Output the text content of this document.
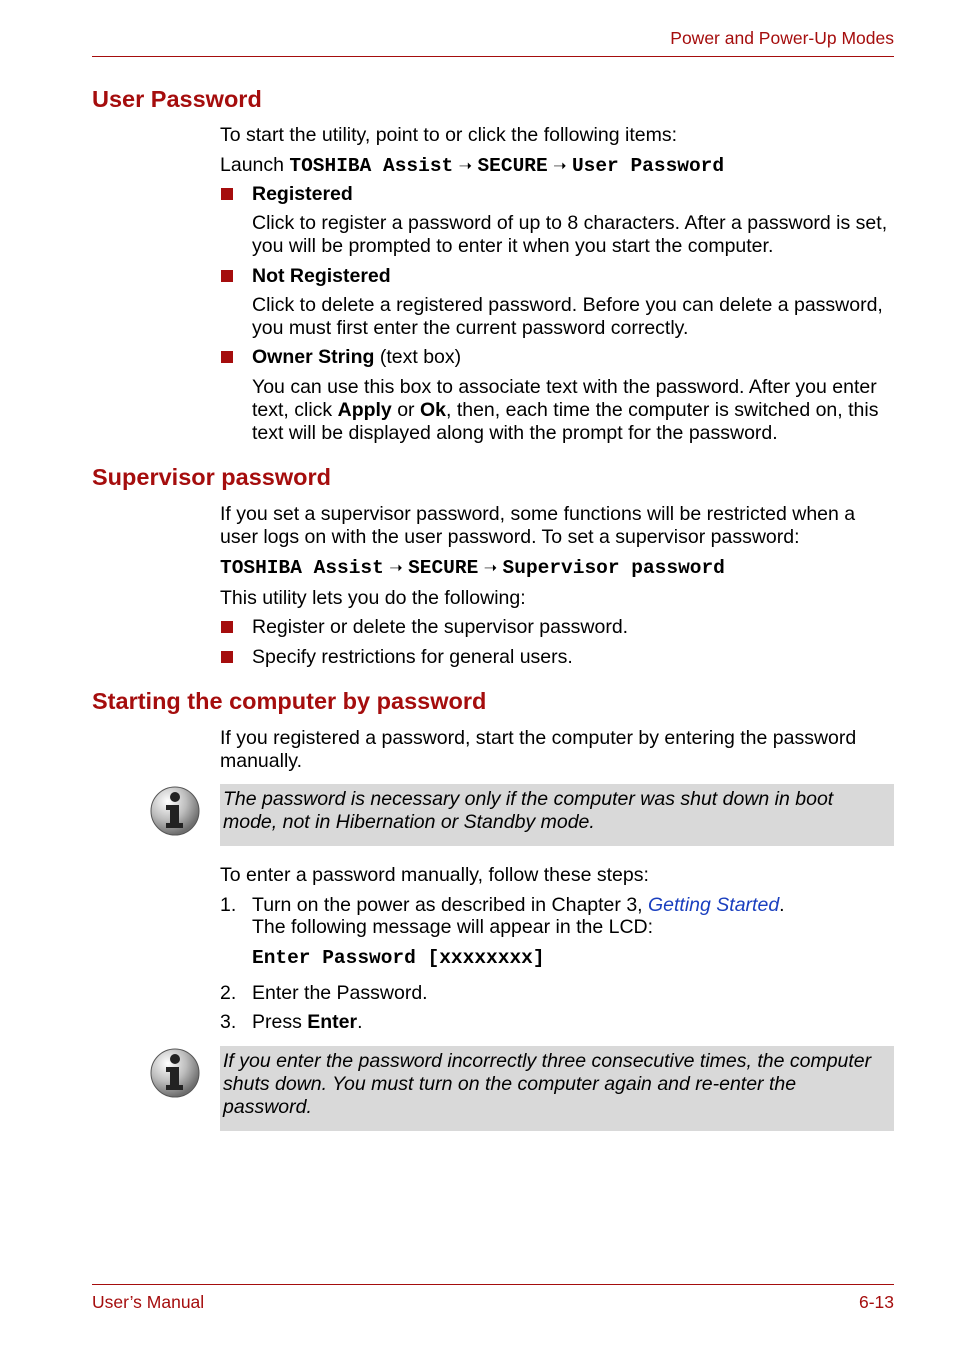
Power and Power-Up Modes
User Password
To start the utility, point to or click the following items:
Launch TOSHIBA Assist ➝ SECURE ➝ User Password
Registered
Click to register a password of up to 8 characters. After a password is set, you will be prompted to enter it when you start the computer.
Not Registered
Click to delete a registered password. Before you can delete a password, you must first enter the current password correctly.
Owner String (text box)
You can use this box to associate text with the password. After you enter text, click Apply or Ok, then, each time the computer is switched on, this text will be displayed along with the prompt for the password.
Supervisor password
If you set a supervisor password, some functions will be restricted when a user logs on with the user password. To set a supervisor password:
TOSHIBA Assist ➝ SECURE ➝ Supervisor password
This utility lets you do the following:
Register or delete the supervisor password.
Specify restrictions for general users.
Starting the computer by password
If you registered a password, start the computer by entering the password manually.
The password is necessary only if the computer was shut down in boot mode, not in Hibernation or Standby mode.
To enter a password manually, follow these steps:
1. Turn on the power as described in Chapter 3, Getting Started.
The following message will appear in the LCD:
Enter Password [xxxxxxxx]
2. Enter the Password.
3. Press Enter.
If you enter the password incorrectly three consecutive times, the computer shuts down. You must turn on the computer again and re-enter the password.
User’s Manual	6-13
